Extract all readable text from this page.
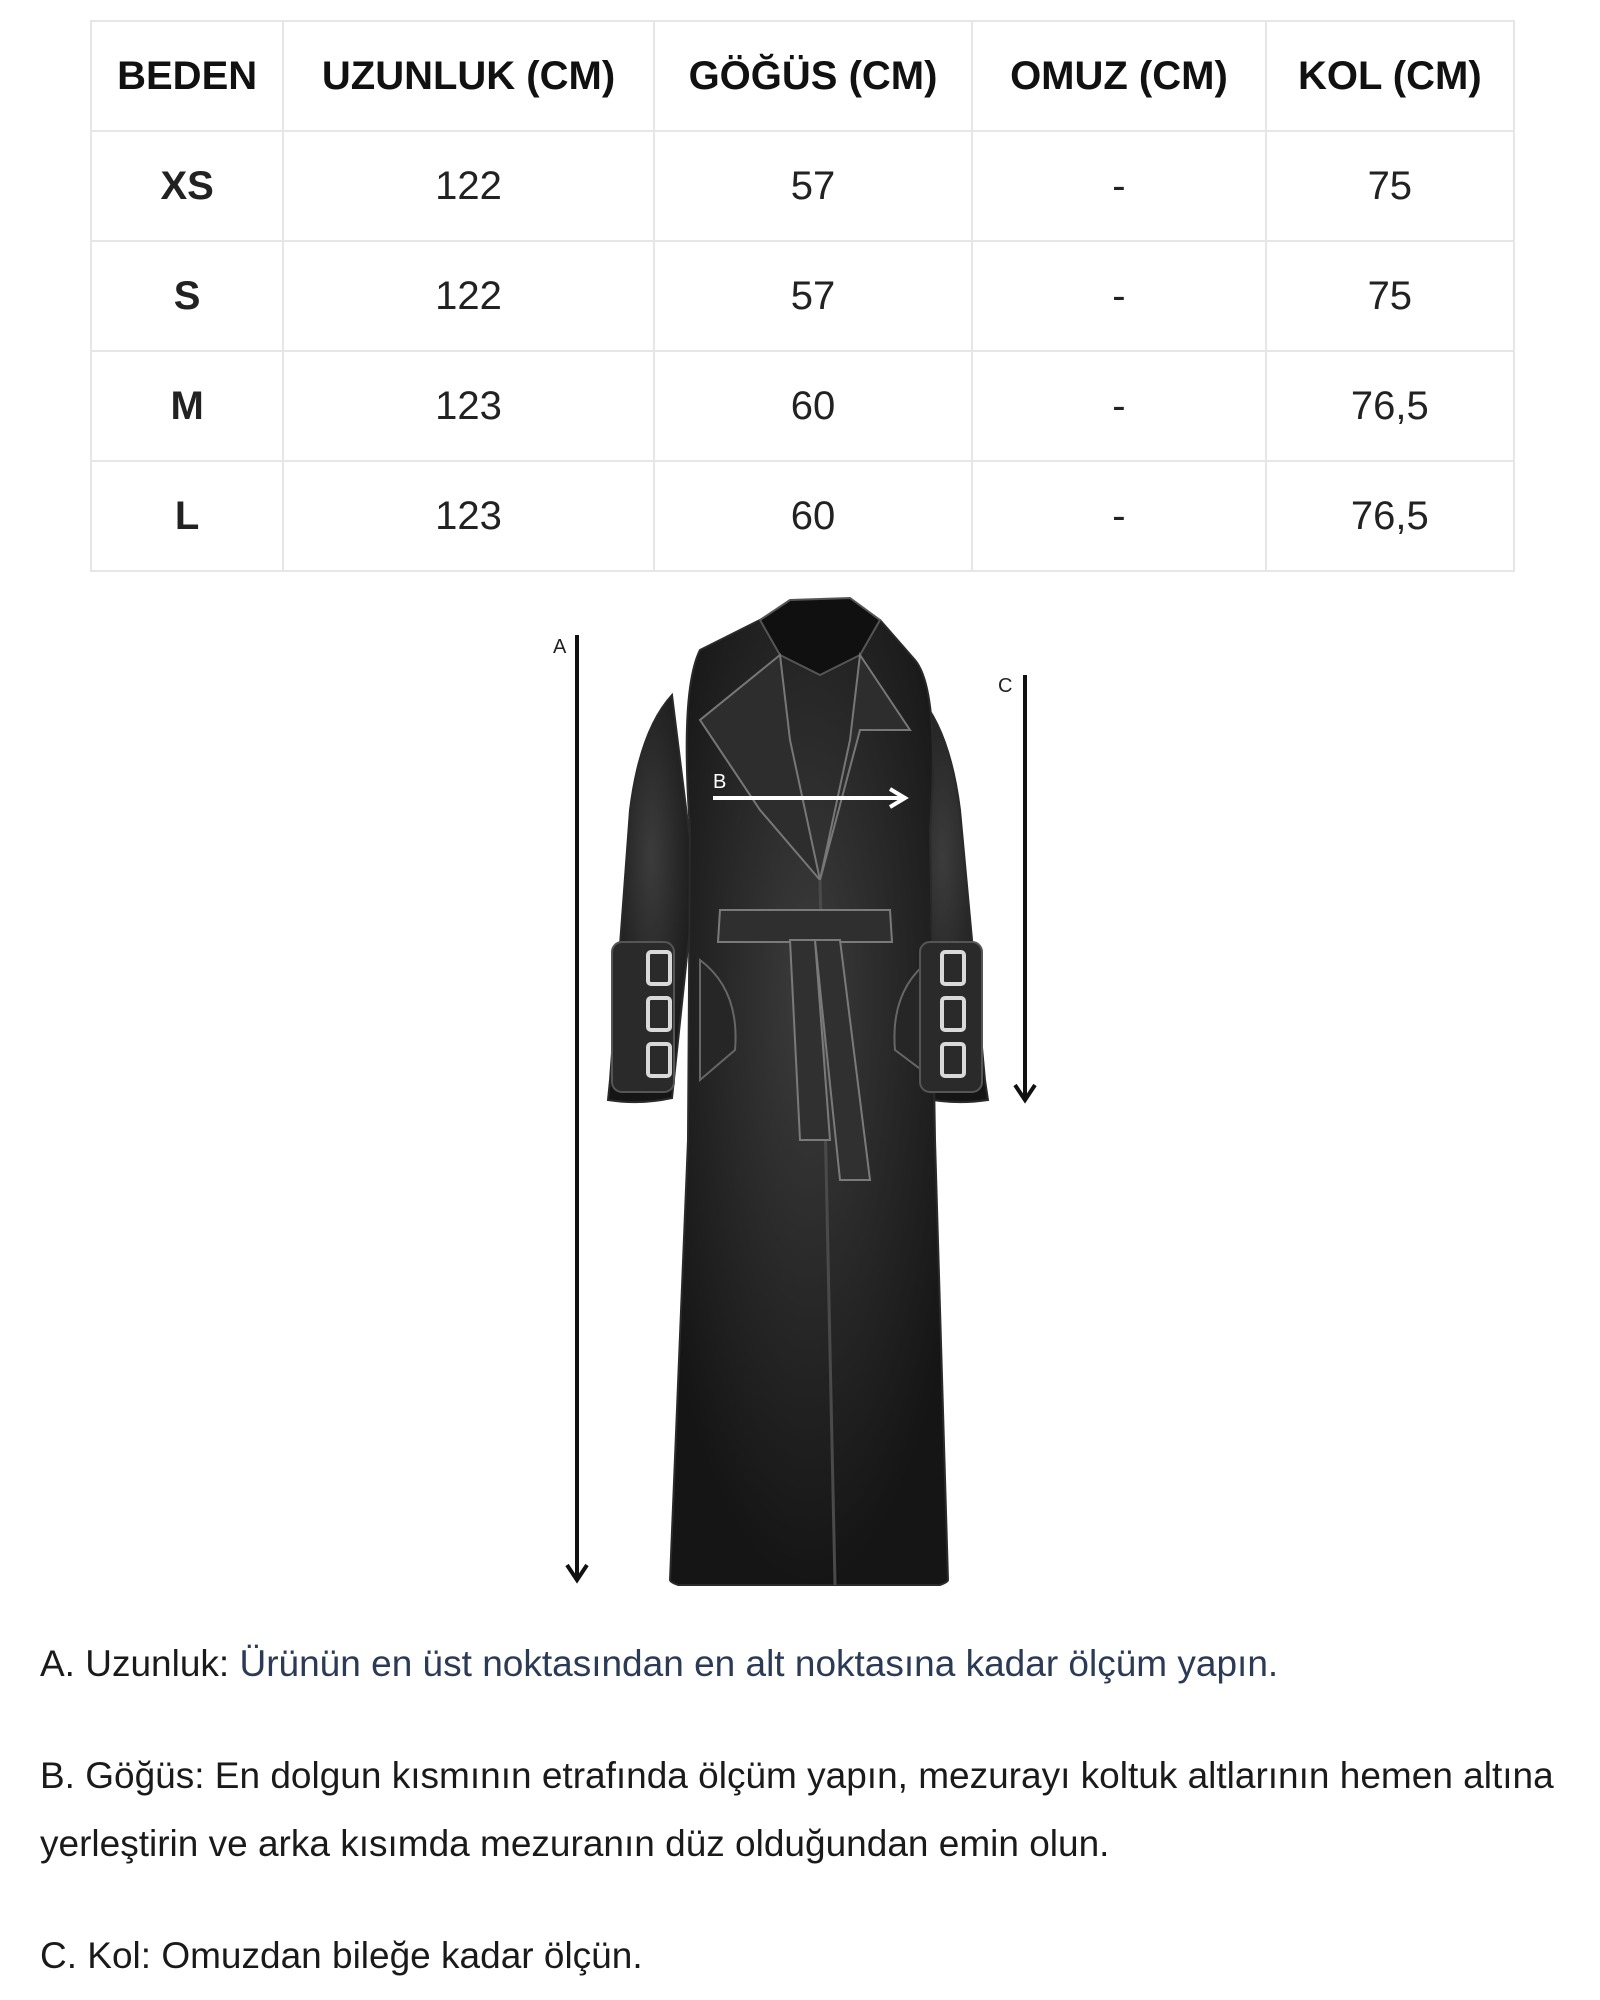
BEDEN	UZUNLUK (CM)	GÖĞÜS (CM)	OMUZ (CM)	KOL (CM)
XS	122	57	-	75
S	122	57	-	75
M	123	60	-	76,5
L	123	60	-	76,5
A
B
C

A. Uzunluk: Ürünün en üst noktasından en alt noktasına kadar ölçüm yapın.

B. Göğüs: En dolgun kısmının etrafında ölçüm yapın, mezurayı koltuk altlarının hemen altına yerleştirin ve arka kısımda mezuranın düz olduğundan emin olun.

C. Kol: Omuzdan bileğe kadar ölçün.
